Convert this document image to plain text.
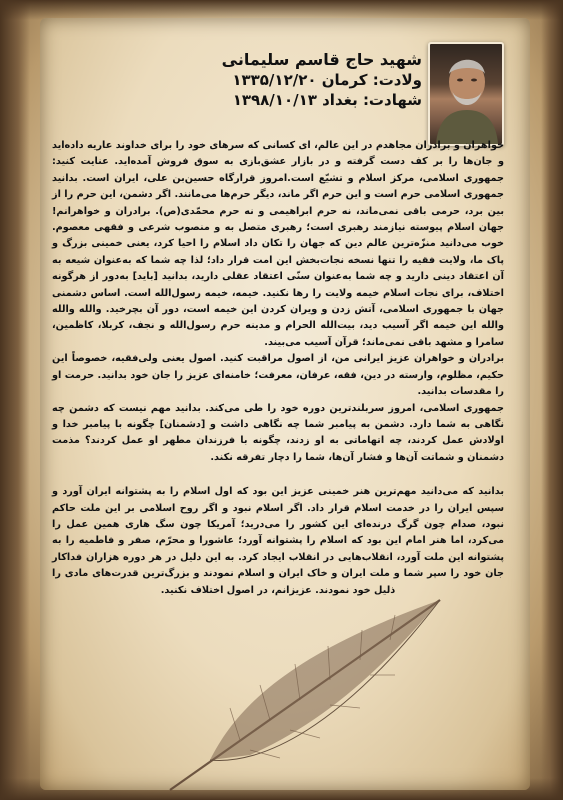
شهید حاج قاسم سلیمانی
ولادت: کرمان ۱۳۳۵/۱۲/۲۰
شهادت: بغداد ۱۳۹۸/۱۰/۱۳

خواهران و برادران مجاهدم در این عالم، ای کسانی که سرهای خود را برای خداوند عاریه داده‌اید و جان‌ها را بر کف دست گرفته و در بازار عشق‌بازی به سوق فروش آمده‌اید. عنایت کنید: جمهوری اسلامی، مرکز اسلام و تشیّع است.امروز قرارگاه حسین‌بن علی، ایران است. بدانید جمهوری اسلامی حرم است و این حرم اگر ماند، دیگر حرم‌ها می‌مانند. اگر دشمن، این حرم را از بین برد، حرمی باقی نمی‌ماند، نه حرم ابراهیمی و نه حرم محمّدی(ص). برادران و خواهرانم! جهان اسلام پیوسته نیازمند رهبری است؛ رهبری متصل به و منصوب شرعی و فقهی معصوم. خوب می‌دانید منزّه‌ترین عالم دین که جهان را تکان داد اسلام را احیا کرد، یعنی خمینی بزرگ و پاک ما، ولایت فقیه را تنها نسخه نجات‌بخش این امت قرار داد؛ لذا چه شما که به‌عنوان شیعه به آن اعتقاد دینی دارید و چه شما به‌عنوان سنّی اعتقاد عقلی دارید، بدانید [باید] به‌دور از هرگونه اختلاف، برای نجات اسلام خیمه ولایت را رها نکنید. خیمه، خیمه رسول‌الله است. اساس دشمنی جهان با جمهوری اسلامی، آتش زدن و ویران کردن این خیمه است، دور آن بچرخید. والله والله والله این خیمه اگر آسیب دید، بیت‌الله الحرام و مدینه حرم رسول‌الله و نجف، کربلا، کاظمین، سامرا و مشهد باقی نمی‌ماند؛ قرآن آسیب می‌بیند.

برادران و خواهران عزیز ایرانی من، از اصول مراقبت کنید. اصول یعنی ولی‌فقیه، خصوصاً این حکیم، مظلوم، وارسته در دین، فقه، عرفان، معرفت؛ خامنه‌ای عزیز را جان خود بدانید. حرمت او را مقدسات بدانید.

جمهوری اسلامی، امروز سربلندترین دوره خود را طی می‌کند. بدانید مهم نیست که دشمن چه نگاهی به شما دارد. دشمن به پیامبر شما چه نگاهی داشت و [دشمنان] چگونه با پیامبر خدا و اولادش عمل کردند، چه اتهاماتی به او زدند، چگونه با فرزندان مطهر او عمل کردند؟ مذمت دشمنان و شماتت آن‌ها و فشار آن‌ها، شما را دچار تفرقه نکند.

بدانید که می‌دانید مهم‌ترین هنر خمینی عزیز این بود که اول اسلام را به پشتوانه ایران آورد و سپس ایران را در خدمت اسلام قرار داد. اگر اسلام نبود و اگر روح اسلامی بر این ملت حاکم نبود، صدام چون گرگ درنده‌ای این کشور را می‌درید؛ آمریکا چون سگ هاری همین عمل را می‌کرد، اما هنر امام این بود که اسلام را پشتوانه آورد؛ عاشورا و محرّم، صفر و فاطمیه را به پشتوانه این ملت آورد، انقلاب‌هایی در انقلاب ایجاد کرد. به این دلیل در هر دوره هزاران فداکار جان خود را سپر شما و ملت ایران و خاک ایران و اسلام نمودند و بزرگ‌ترین قدرت‌های مادی را ذلیل خود نمودند. عزیزانم، در اصول اختلاف نکنید.
